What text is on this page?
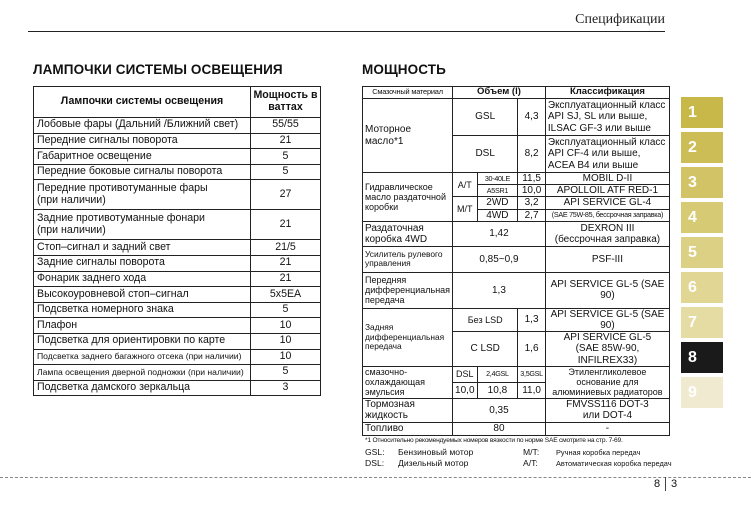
Спецификации
ЛАМПОЧКИ СИСТЕМЫ ОСВЕЩЕНИЯ
Лампочки системы освещения	Мощность в ваттах
Лобовые фары (Дальний /Ближний свет)	55/55
Передние сигналы поворота	21
Габаритное освещение	5
Передние боковые сигналы поворота	5
Передние противотуманные фары
(при наличии)	27
Задние противотуманные фонари
(при наличии)	21
Стоп–сигнал и задний свет	21/5
Задние сигналы поворота	21
Фонарик заднего хода	21
Высокоуровневой стоп–сигнал	5x5EA
Подсветка номерного знака	5
Плафон	10
Подсветка для ориентировки по карте	10
Подсветка заднего багажного отсека (при наличии)	10
Лампа освещения дверной подножки (при наличии)	5
Подсветка дамского зеркальца	3
МОЩНОСТЬ
Смазочный материал	Объем (l)			Классификация
Моторное масло*1	GSL		4,3	Эксплуатационный класс API SJ, SL или выше, ILSAC GF-3 или выше
	DSL		8,2	Эксплуатационный класс API CF-4 или выше, ACEA B4 или выше
Гидравлическое масло раздаточной коробки	A/T	30-40LE	11,5	MOBIL D-II
		A5SR1	10,0	APOLLOIL ATF RED-1
	M/T	2WD	3,2	API SERVICE GL-4
		4WD	2,7	(SAE 75W-85, бессрочная заправка)
Раздаточная коробка 4WD	1,42			DEXRON III
(бессрочная заправка)
Усилитель рулевого управления	0,85~0,9			PSF-III
Передняя дифференциальная передача	1,3			API SERVICE GL-5 (SAE 90)
Задняя дифференциальная передача	Без LSD		1,3	API SERVICE GL-5 (SAE 90)
	C LSD		1,6	API SERVICE GL-5
(SAE 85W-90, INFILREX33)
смазочно-охлаждающая эмульсия	DSL	2,4GSL	3,5GSL	Этиленгликолевое основание для алюминиевых радиаторов
	10,0	10,8	11,0	
Тормозная жидкость	0,35			FMVSS116 DOT-3
или DOT-4
Топливо	80			-
*1 Относительно рекомендуемых номеров вязкости по норме SAE смотрите на стр. 7-69.
GSL: Бензиновый мотор	M/T: Ручная коробка передач
DSL: Дизельный мотор	A/T: Автоматическая коробка передач
1
2
3
4
5
6
7
8
9
8 3
